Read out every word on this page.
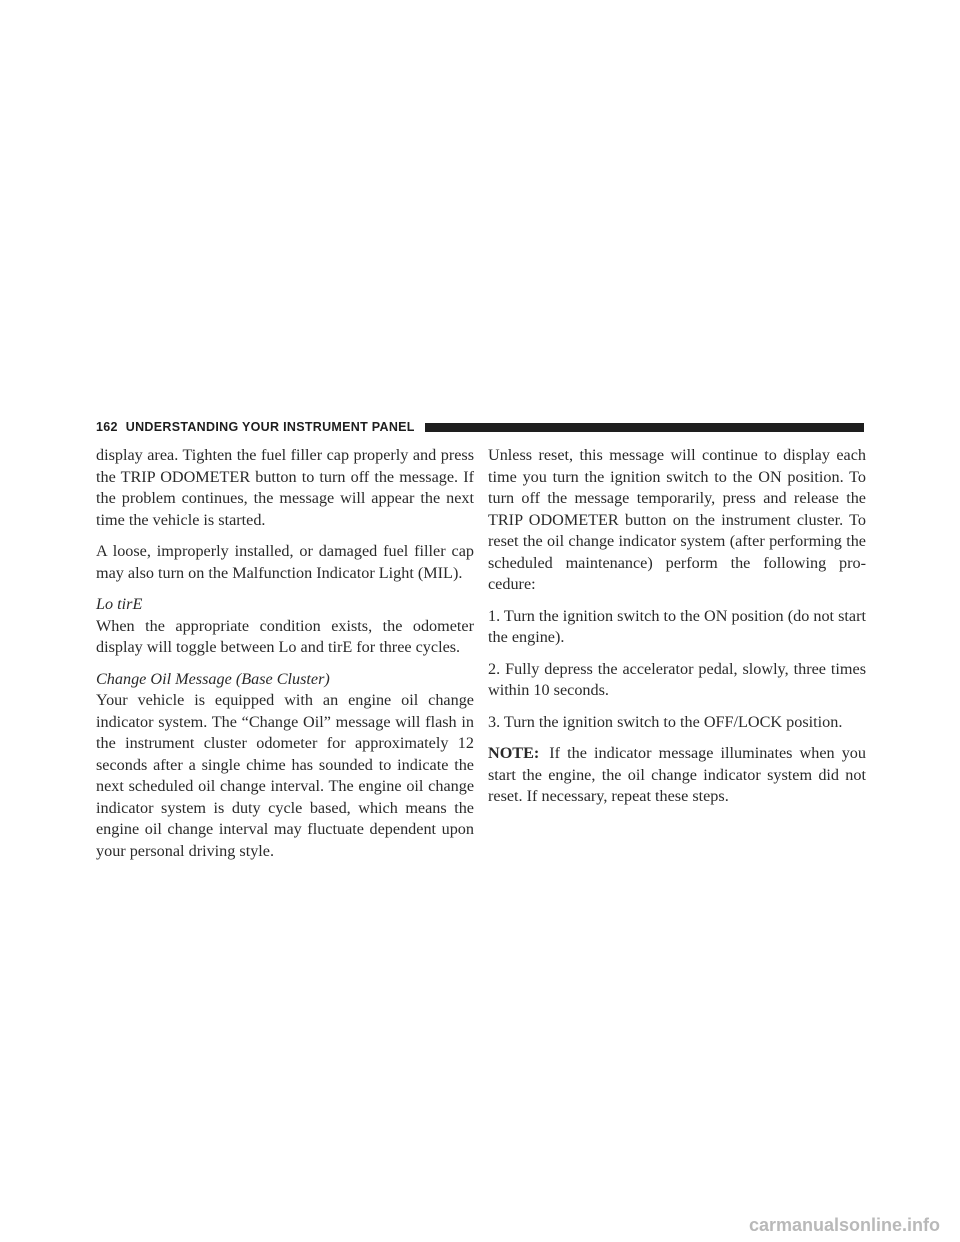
162 UNDERSTANDING YOUR INSTRUMENT PANEL

display area. Tighten the fuel filler cap properly and press the TRIP ODOMETER button to turn off the message. If the problem continues, the message will appear the next time the vehicle is started.

A loose, improperly installed, or damaged fuel filler cap may also turn on the Malfunction Indicator Light (MIL).

Lo tirE

When the appropriate condition exists, the odometer display will toggle between Lo and tirE for three cycles.

Change Oil Message (Base Cluster)

Your vehicle is equipped with an engine oil change indicator system. The “Change Oil” message will flash in the instrument cluster odometer for approximately 12 seconds after a single chime has sounded to indicate the next scheduled oil change interval. The engine oil change indicator system is duty cycle based, which means the engine oil change interval may fluctuate dependent upon your personal driving style.

Unless reset, this message will continue to display each time you turn the ignition switch to the ON position. To turn off the message temporarily, press and release the TRIP ODOMETER button on the instrument cluster. To reset the oil change indicator system (after performing the scheduled maintenance) perform the following pro-cedure:

1. Turn the ignition switch to the ON position (do not start the engine).

2. Fully depress the accelerator pedal, slowly, three times within 10 seconds.

3. Turn the ignition switch to the OFF/LOCK position.

NOTE: If the indicator message illuminates when you start the engine, the oil change indicator system did not reset. If necessary, repeat these steps.

carmanualsonline.info
